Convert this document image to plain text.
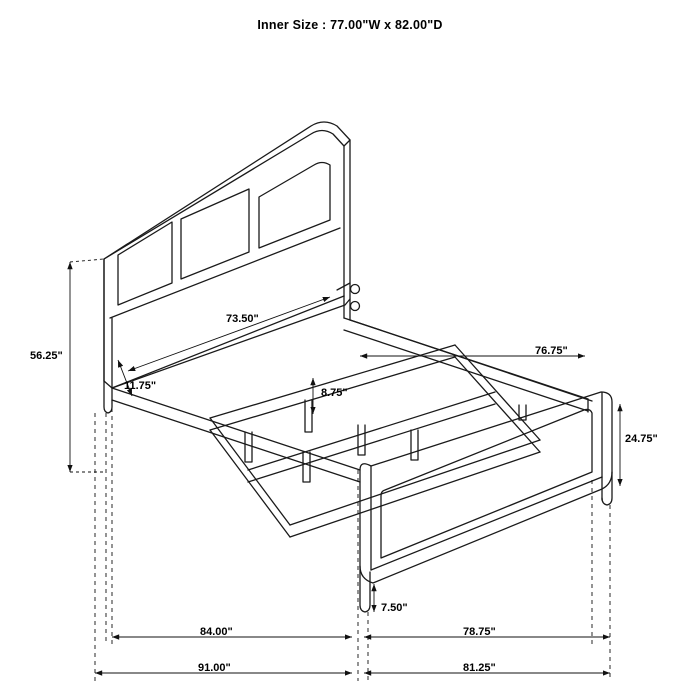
Inner Size : 77.00"W x 82.00"D
56.25"
73.50"
11.75"
8.75"
76.75"
24.75"
7.50"
84.00"	78.75"
91.00"	81.25"
